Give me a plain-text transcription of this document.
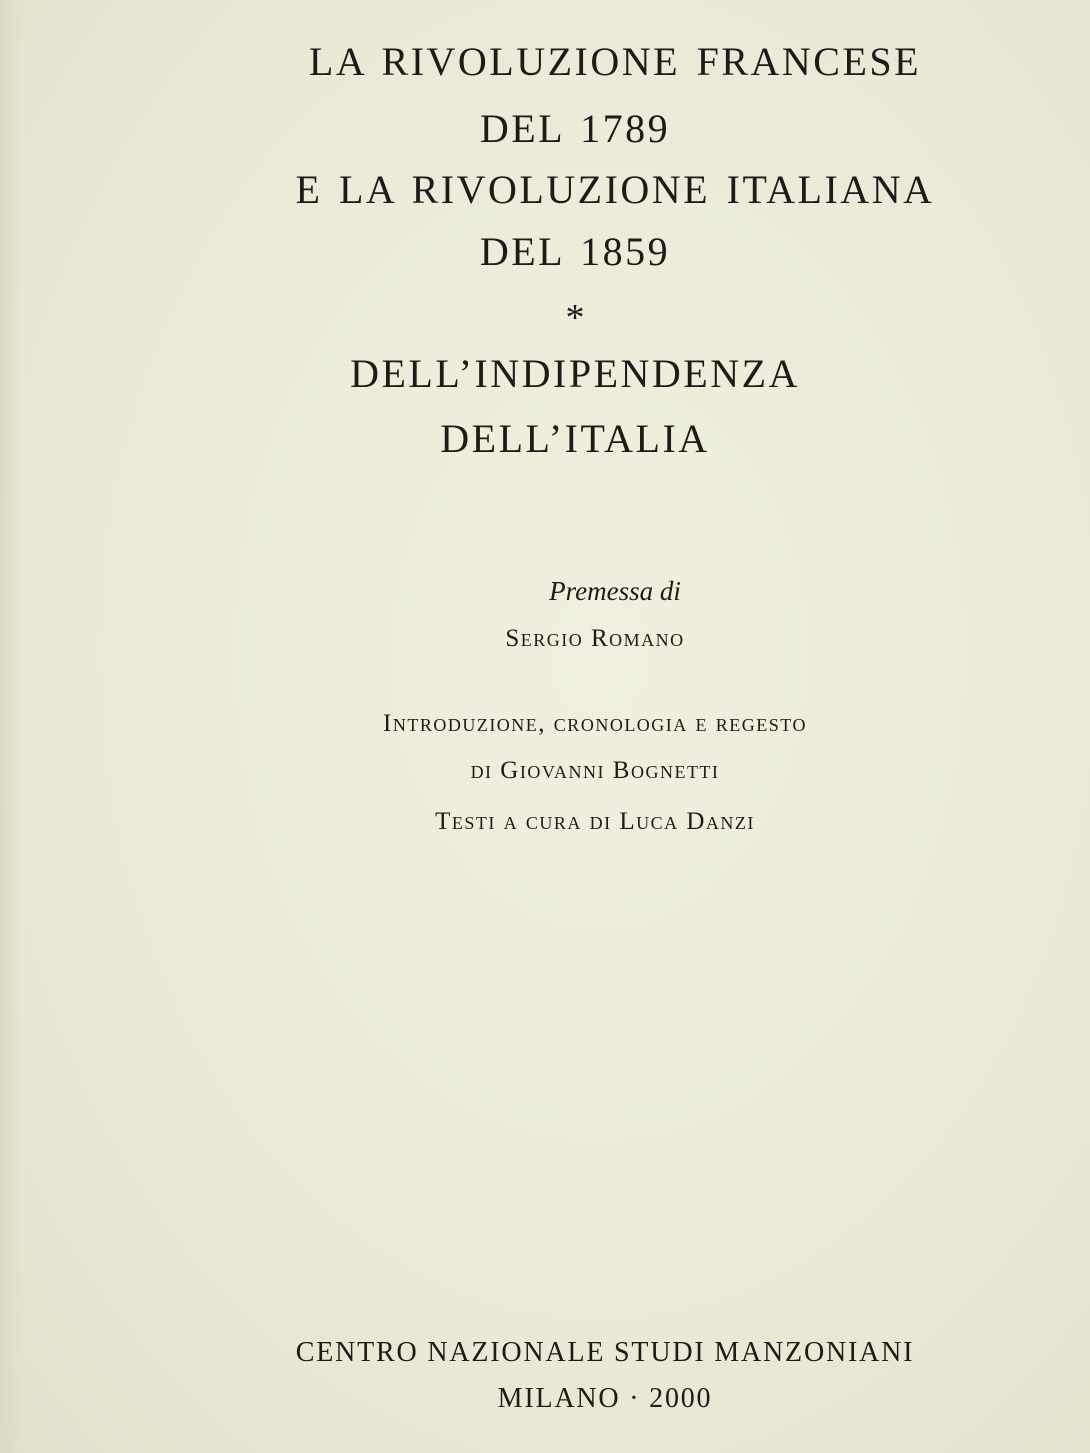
LA RIVOLUZIONE FRANCESE
DEL 1789
E LA RIVOLUZIONE ITALIANA
DEL 1859
*
DELL’INDIPENDENZA
DELL’ITALIA
Premessa di
Sergio Romano
Introduzione, cronologia e regesto
di Giovanni Bognetti
Testi a cura di Luca Danzi
CENTRO NAZIONALE STUDI MANZONIANI
MILANO · 2000
